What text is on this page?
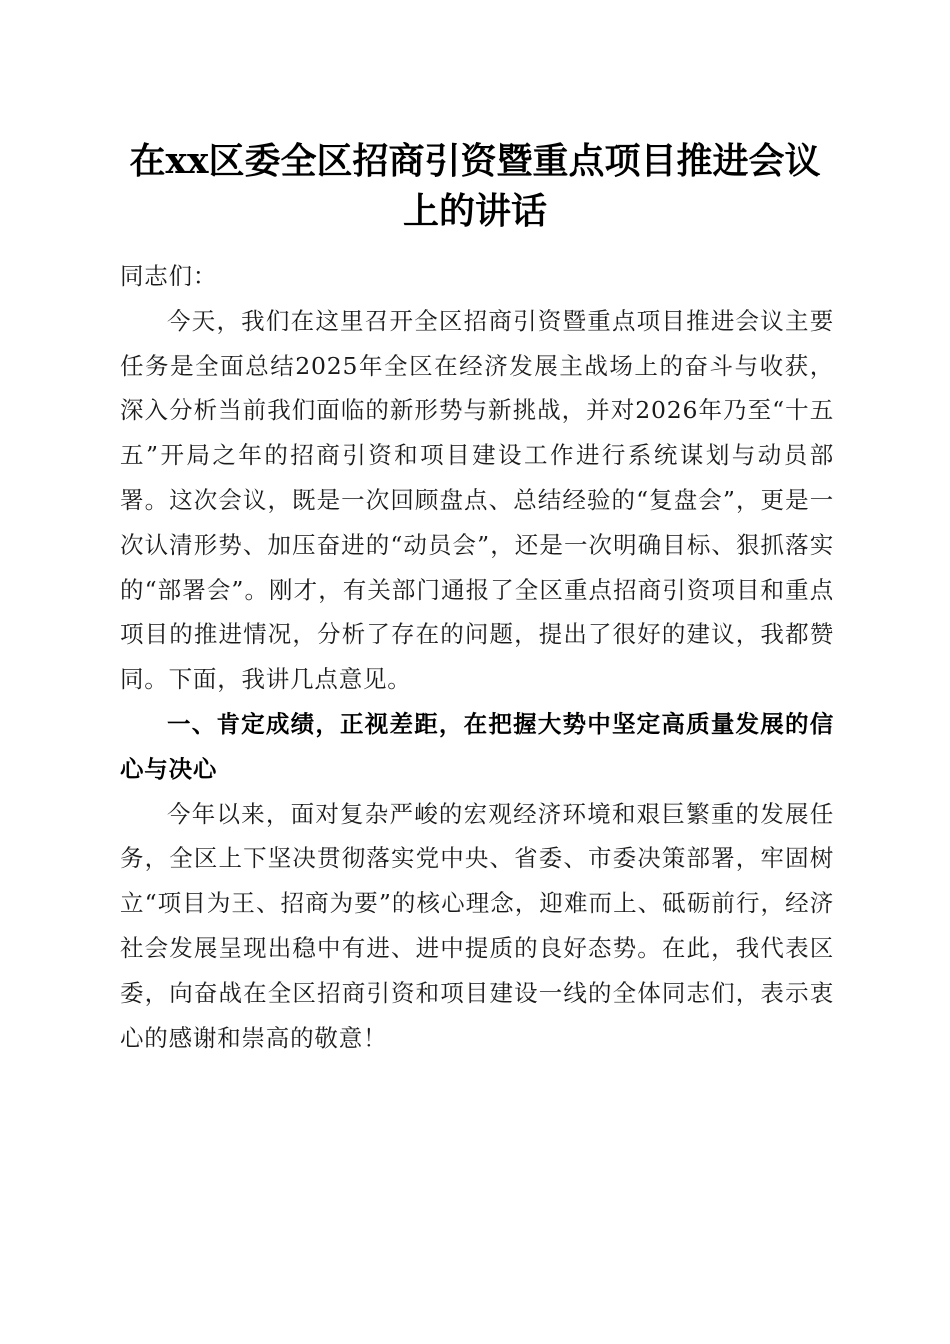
在xx区委全区招商引资暨重点项目推进会议
上的讲话

同志们：

今天，我们在这里召开全区招商引资暨重点项目推进会议主要任务是全面总结2025年全区在经济发展主战场上的奋斗与收获，深入分析当前我们面临的新形势与新挑战，并对2026年乃至“十五五”开局之年的招商引资和项目建设工作进行系统谋划与动员部署。这次会议，既是一次回顾盘点、总结经验的“复盘会”，更是一次认清形势、加压奋进的“动员会”，还是一次明确目标、狠抓落实的“部署会”。刚才，有关部门通报了全区重点招商引资项目和重点项目的推进情况，分析了存在的问题，提出了很好的建议，我都赞同。下面，我讲几点意见。

一、肯定成绩，正视差距，在把握大势中坚定高质量发展的信心与决心

今年以来，面对复杂严峻的宏观经济环境和艰巨繁重的发展任务，全区上下坚决贯彻落实党中央、省委、市委决策部署，牢固树立“项目为王、招商为要”的核心理念，迎难而上、砥砺前行，经济社会发展呈现出稳中有进、进中提质的良好态势。在此，我代表区委，向奋战在全区招商引资和项目建设一线的全体同志们，表示衷心的感谢和崇高的敬意！
